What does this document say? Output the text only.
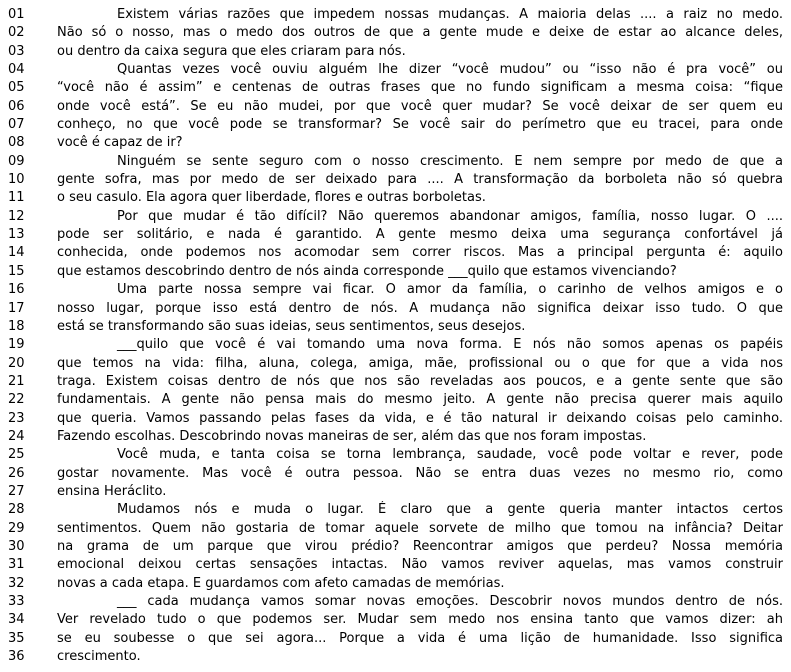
01	Existem várias razões que impedem nossas mudanças. A maioria delas .... a raiz no medo.
02	Não só o nosso, mas o medo dos outros de que a gente mude e deixe de estar ao alcance deles,
03	ou dentro da caixa segura que eles criaram para nós.
04	Quantas vezes você ouviu alguém lhe dizer “você mudou” ou “isso não é pra você” ou
05	“você não é assim” e centenas de outras frases que no fundo significam a mesma coisa: “fique
06	onde você está”. Se eu não mudei, por que você quer mudar? Se você deixar de ser quem eu
07	conheço, no que você pode se transformar? Se você sair do perímetro que eu tracei, para onde
08	você é capaz de ir?
09	Ninguém se sente seguro com o nosso crescimento. E nem sempre por medo de que a
10	gente sofra, mas por medo de ser deixado para .... A transformação da borboleta não só quebra
11	o seu casulo. Ela agora quer liberdade, flores e outras borboletas.
12	Por que mudar é tão difícil? Não queremos abandonar amigos, família, nosso lugar. O ....
13	pode ser solitário, e nada é garantido. A gente mesmo deixa uma segurança confortável já
14	conhecida, onde podemos nos acomodar sem correr riscos. Mas a principal pergunta é: aquilo
15	que estamos descobrindo dentro de nós ainda corresponde ___quilo que estamos vivenciando?
16	Uma parte nossa sempre vai ficar. O amor da família, o carinho de velhos amigos e o
17	nosso lugar, porque isso está dentro de nós. A mudança não significa deixar isso tudo. O que
18	está se transformando são suas ideias, seus sentimentos, seus desejos.
19	___quilo que você é vai tomando uma nova forma. E nós não somos apenas os papéis
20	que temos na vida: filha, aluna, colega, amiga, mãe, profissional ou o que for que a vida nos
21	traga. Existem coisas dentro de nós que nos são reveladas aos poucos, e a gente sente que são
22	fundamentais. A gente não pensa mais do mesmo jeito. A gente não precisa querer mais aquilo
23	que queria. Vamos passando pelas fases da vida, e é tão natural ir deixando coisas pelo caminho.
24	Fazendo escolhas. Descobrindo novas maneiras de ser, além das que nos foram impostas.
25	Você muda, e tanta coisa se torna lembrança, saudade, você pode voltar e rever, pode
26	gostar novamente. Mas você é outra pessoa. Não se entra duas vezes no mesmo rio, como
27	ensina Heráclito.
28	Mudamos nós e muda o lugar. É claro que a gente queria manter intactos certos
29	sentimentos. Quem não gostaria de tomar aquele sorvete de milho que tomou na infância? Deitar
30	na grama de um parque que virou prédio? Reencontrar amigos que perdeu? Nossa memória
31	emocional deixou certas sensações intactas. Não vamos reviver aquelas, mas vamos construir
32	novas a cada etapa. E guardamos com afeto camadas de memórias.
33	___ cada mudança vamos somar novas emoções. Descobrir novos mundos dentro de nós.
34	Ver revelado tudo o que podemos ser. Mudar sem medo nos ensina tanto que vamos dizer: ah
35	se eu soubesse o que sei agora... Porque a vida é uma lição de humanidade. Isso significa
36	crescimento.
